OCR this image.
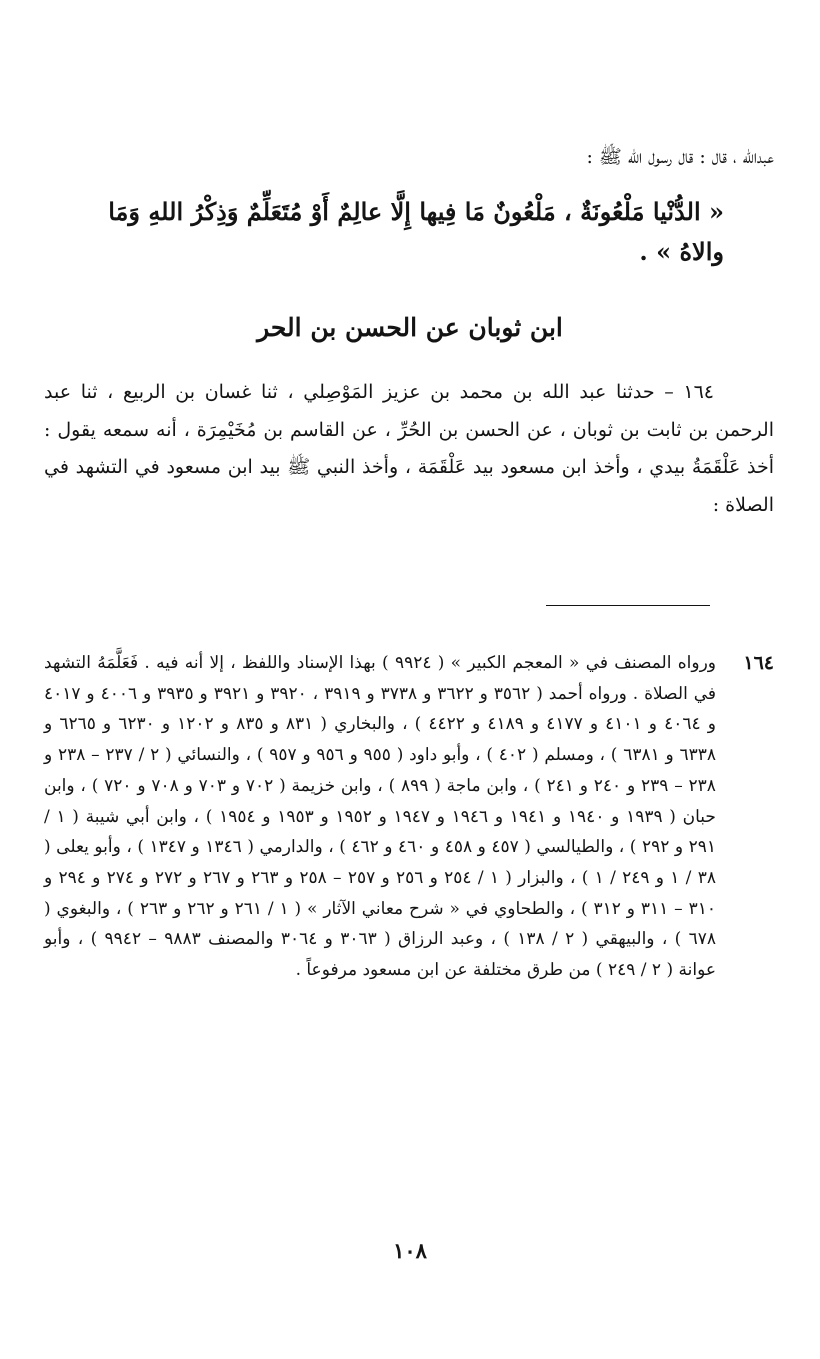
عبدالله ، قال : قال رسول الله ﷺ :
« الدُّنْيا مَلْعُونَةٌ ، مَلْعُونٌ مَا فِيها إِلَّا عالِمٌ أَوْ مُتَعَلِّمٌ وَذِكْرُ اللهِ وَمَا والاهُ » .
ابن ثوبان عن الحسن بن الحر

١٦٤ – حدثنا عبد الله بن محمد بن عزيز المَوْصِلي ، ثنا غسان بن الربيع ، ثنا عبد الرحمن بن ثابت بن ثوبان ، عن الحسن بن الحُرِّ ، عن القاسم بن مُخَيْمِرَة ، أنه سمعه يقول : أخذ عَلْقَمَةُ بيدي ، وأخذ ابن مسعود بيد عَلْقَمَة ، وأخذ النبي ﷺ بيد ابن مسعود في التشهد في الصلاة :

١٦٤
ورواه المصنف في « المعجم الكبير » ( ٩٩٢٤ ) بهذا الإسناد واللفظ ، إلا أنه فيه . فَعَلَّمَهُ التشهد في الصلاة . ورواه أحمد ( ٣٥٦٢ و ٣٦٢٢ و ٣٧٣٨ و ٣٩١٩ ، ٣٩٢٠ و ٣٩٢١ و ٣٩٣٥ و ٤٠٠٦ و ٤٠١٧ و ٤٠٦٤ و ٤١٠١ و ٤١٧٧ و ٤١٨٩ و ٤٤٢٢ ) ، والبخاري ( ٨٣١ و ٨٣٥ و ١٢٠٢ و ٦٢٣٠ و ٦٢٦٥ و ٦٣٣٨ و ٦٣٨١ ) ، ومسلم ( ٤٠٢ ) ، وأبو داود ( ٩٥٥ و ٩٥٦ و ٩٥٧ ) ، والنسائي ( ٢ / ٢٣٧ – ٢٣٨ و ٢٣٨ – ٢٣٩ و ٢٤٠ و ٢٤١ ) ، وابن ماجة ( ٨٩٩ ) ، وابن خزيمة ( ٧٠٢ و ٧٠٣ و ٧٠٨ و ٧٢٠ ) ، وابن حبان ( ١٩٣٩ و ١٩٤٠ و ١٩٤١ و ١٩٤٦ و ١٩٤٧ و ١٩٥٢ و ١٩٥٣ و ١٩٥٤ ) ، وابن أبي شيبة ( ١ / ٢٩١ و ٢٩٢ ) ، والطيالسي ( ٤٥٧ و ٤٥٨ و ٤٦٠ و ٤٦٢ ) ، والدارمي ( ١٣٤٦ و ١٣٤٧ ) ، وأبو يعلى ( ٣٨ / ١ و ٢٤٩ / ١ ) ، والبزار ( ١ / ٢٥٤ و ٢٥٦ و ٢٥٧ – ٢٥٨ و ٢٦٣ و ٢٦٧ و ٢٧٢ و ٢٧٤ و ٢٩٤ و ٣١٠ – ٣١١ و ٣١٢ ) ، والطحاوي في « شرح معاني الآثار » ( ١ / ٢٦١ و ٢٦٢ و ٢٦٣ ) ، والبغوي ( ٦٧٨ ) ، والبيهقي ( ٢ / ١٣٨ ) ، وعبد الرزاق ( ٣٠٦٣ و ٣٠٦٤ والمصنف ٩٨٨٣ – ٩٩٤٢ ) ، وأبو عوانة ( ٢ / ٢٤٩ ) من طرق مختلفة عن ابن مسعود مرفوعاً .
١٠٨
